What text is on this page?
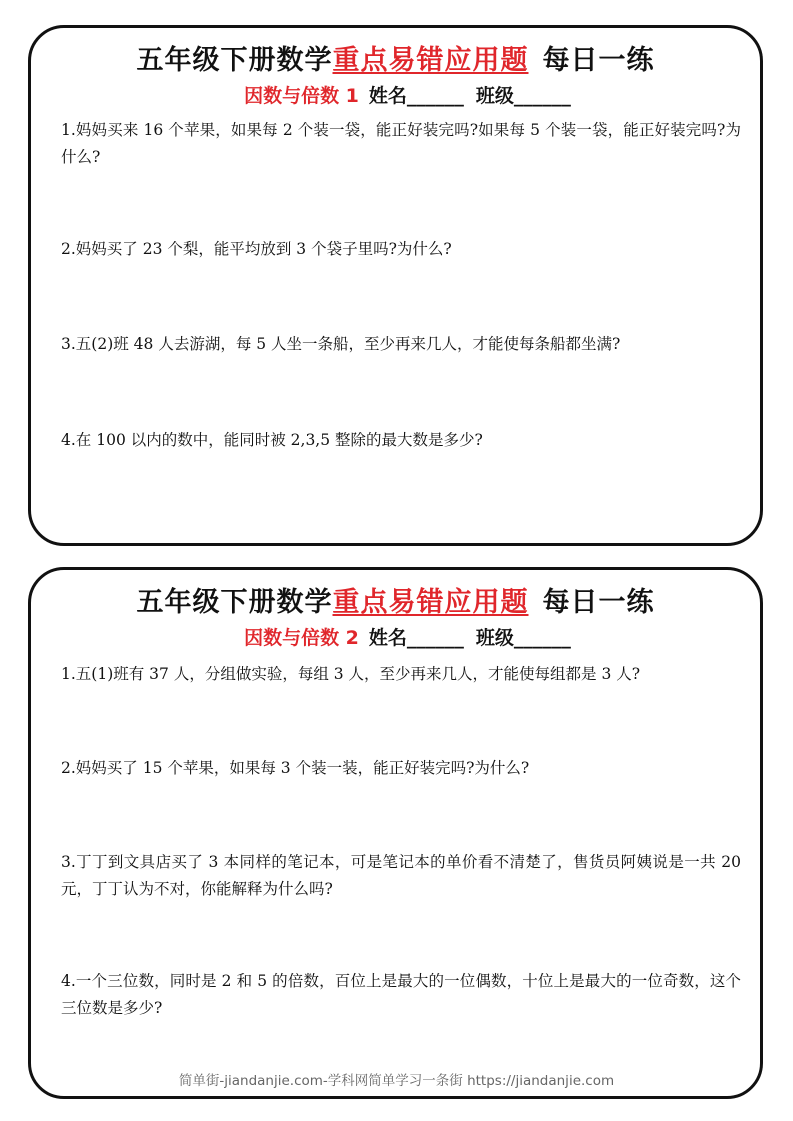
五年级下册数学重点易错应用题 每日一练
因数与倍数 1 姓名______ 班级______
1.妈妈买来 16 个苹果，如果每 2 个装一袋，能正好装完吗?如果每 5 个装一袋，能正好装完吗?为什么?
2.妈妈买了 23 个梨，能平均放到 3 个袋子里吗?为什么?
3.五(2)班 48 人去游湖，每 5 人坐一条船，至少再来几人，才能使每条船都坐满?
4.在 100 以内的数中，能同时被 2,3,5 整除的最大数是多少?
五年级下册数学重点易错应用题 每日一练
因数与倍数 2 姓名______ 班级______
1.五(1)班有 37 人，分组做实验，每组 3 人，至少再来几人，才能使每组都是 3 人?
2.妈妈买了 15 个苹果，如果每 3 个装一装，能正好装完吗?为什么?
3.丁丁到文具店买了 3 本同样的笔记本，可是笔记本的单价看不清楚了，售货员阿姨说是一共 20 元，丁丁认为不对，你能解释为什么吗?
4.一个三位数，同时是 2 和 5 的倍数，百位上是最大的一位偶数，十位上是最大的一位奇数，这个三位数是多少?
简单街-jiandanjie.com-学科网简单学习一条街 https://jiandanjie.com
